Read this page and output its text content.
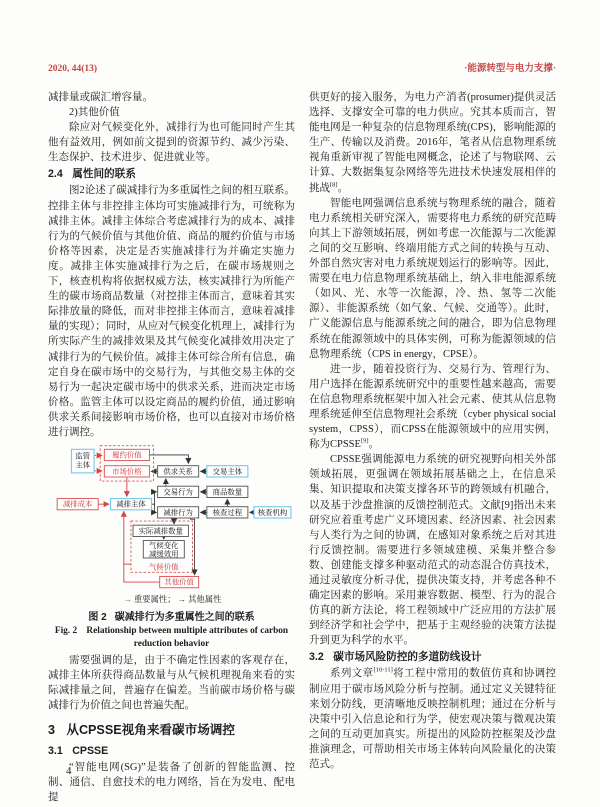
2020, 44(13)	·能源转型与电力支撑·

减排量或碳汇增容量。

2)其他价值

除应对气候变化外，减排行为也可能同时产生其他有益效用，例如前文提到的资源节约、减少污染、生态保护、技术进步、促进就业等。

2.4 属性间的联系

图2论述了碳减排行为多重属性之间的相互联系。控排主体与非控排主体均可实施减排行为，可统称为减排主体。减排主体综合考虑减排行为的成本、减排行为的气候价值与其他价值、商品的履约价值与市场价格等因素，决定是否实施减排行为并确定实施力度。减排主体实施减排行为之后，在碳市场规则之下，核查机构将依据权威方法，核实减排行为所能产生的碳市场商品数量（对控排主体而言，意味着其实际排放量的降低，而对非控排主体而言，意味着减排量的实现）；同时，从应对气候变化机理上，减排行为所实际产生的减排效果及其气候变化减排效用决定了减排行为的气候价值。减排主体可综合所有信息，确定自身在碳市场中的交易行为，与其他交易主体的交易行为一起决定碳市场中的供求关系，进而决定市场价格。监管主体可以设定商品的履约价值，通过影响供求关系间接影响市场价格，也可以直接对市场价格进行调控。

监管
主体
履约价值
市场价格	供求关系	交易主体
交易行为	商品数量
减排成本	减排主体
减排行为	核查过程 核查机构
实际减排数量
气候变化
减缓效用
气候价值
其他价值
→ 重要属性； → 其他属性
图 2 碳减排行为多重属性之间的联系
Fig. 2　Relationship between multiple attributes of carbon
reduction behavior

需要强调的是，由于不确定性因素的客观存在，减排主体所获得商品数量与从气候机理视角来看的实际减排量之间，普遍存在偏差。当前碳市场价格与碳减排行为价值之间也普遍失配。

3 从CPSSE视角来看碳市场调控
3.1 CPSSE

“智能电网(SG)”是装备了创新的智能监测、控制、通信、自愈技术的电力网络，旨在为发电、配电提

供更好的接入服务，为电力产消者(prosumer)提供灵活选择、支撑安全可靠的电力供应。究其本质而言，智能电网是一种复杂的信息物理系统(CPS)，影响能源的生产、传输以及消费。2016年，笔者从信息物理系统视角重新审视了智能电网概念，论述了与物联网、云计算、大数据集复杂网络等先进技术快速发展相伴的挑战[8]。

智能电网强调信息系统与物理系统的融合，随着电力系统相关研究深入，需要将电力系统的研究范畴向其上下游领域拓展，例如考虑一次能源与二次能源之间的交互影响、终端用能方式之间的转换与互动、外部自然灾害对电力系统规划运行的影响等。因此，需要在电力信息物理系统基础上，纳入非电能源系统（如风、光、水等一次能源，冷、热、氢等二次能源）、非能源系统（如气象、气候、交通等）。此时，广义能源信息与能源系统之间的融合，即为信息物理系统在能源领域中的具体实例，可称为能源领域的信息物理系统（CPS in energy，CPSE）。

进一步，随着投资行为、交易行为、管理行为、用户选择在能源系统研究中的重要性越来越高，需要在信息物理系统框架中加入社会元素、使其从信息物理系统延伸至信息物理社会系统（cyber physical social system，CPSS），而CPSS在能源领域中的应用实例，称为CPSSE[9]。

CPSSE强调能源电力系统的研究视野向相关外部领域拓展，更强调在领域拓展基础之上，在信息采集、知识提取和决策支撑各环节的跨领域有机融合，以及基于沙盘推演的反馈控制范式。文献[9]指出未来研究应着重考虑广义环境因素、经济因素、社会因素与人类行为之间的协调，在感知对象系统之后对其进行反馈控制。需要进行多领域建模、采集并整合参数、创建能支撑多种驱动范式的动态混合仿真技术，通过灵敏度分析寻优，提供决策支持，并考虑各种不确定因素的影响。采用兼容数据、模型、行为的混合仿真的新方法论，将工程领域中广泛应用的方法扩展到经济学和社会学中，把基于主观经验的决策方法提升到更为科学的水平。

3.2 碳市场风险防控的多道防线设计

系列文章[10-11]将工程中常用的数值仿真和协调控制应用于碳市场风险分析与控制。通过定义关键特征来划分防线，更清晰地反映控制机理；通过在分析与决策中引入信息论和行为学，使宏观决策与微观决策之间的互动更加真实。所提出的风险防控框架及沙盘推演理念，可帮助相关市场主体转向风险量化的决策范式。

4
